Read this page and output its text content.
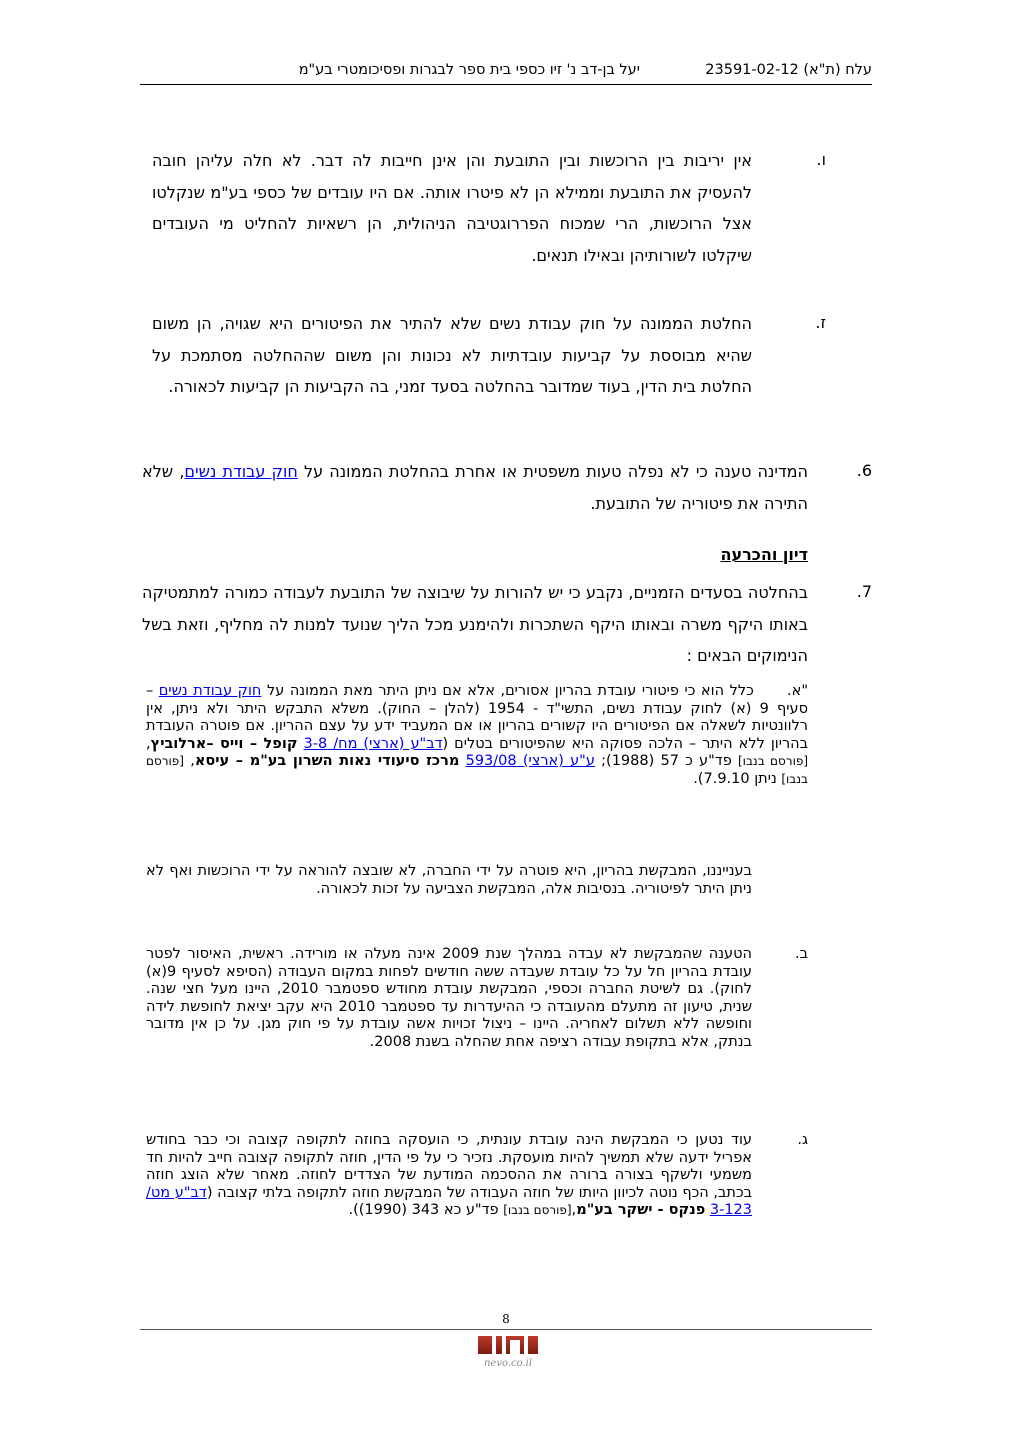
עלח (ת"א) 23591-02-12
יעל בן-דב נ' זיו כספי בית ספר לבגרות ופסיכומטרי בע"מ
ו.
אין יריבות בין הרוכשות ובין התובעת והן אינן חייבות לה דבר. לא חלה עליהן חובה להעסיק את התובעת וממילא הן לא פיטרו אותה. אם היו עובדים של כספי בע"מ שנקלטו אצל הרוכשות, הרי שמכוח הפררוגטיבה הניהולית, הן רשאיות להחליט מי העובדים שיקלטו לשורותיהן ובאילו תנאים.
ז.
החלטת הממונה על חוק עבודת נשים שלא להתיר את הפיטורים היא שגויה, הן משום שהיא מבוססת על קביעות עובדתיות לא נכונות והן משום שההחלטה מסתמכת על החלטת בית הדין, בעוד שמדובר בהחלטה בסעד זמני, בה הקביעות הן קביעות לכאורה.
6.
המדינה טענה כי לא נפלה טעות משפטית או אחרת בהחלטת הממונה על חוק עבודת נשים, שלא התירה את פיטוריה של התובעת.
דיון והכרעה
7.
בהחלטה בסעדים הזמניים, נקבע כי יש להורות על שיבוצה של התובעת לעבודה כמורה למתמטיקה באותו היקף משרה ובאותו היקף השתכרות ולהימנע מכל הליך שנועד למנות לה מחליף, וזאת בשל הנימוקים הבאים :
"א.      כלל הוא כי פיטורי עובדת בהריון אסורים, אלא אם ניתן היתר מאת הממונה על חוק עבודת נשים – סעיף 9 (א) לחוק עבודת נשים, התשי"ד - 1954 (להלן – החוק). משלא התבקש היתר ולא ניתן, אין רלוונטיות לשאלה אם הפיטורים היו קשורים בהריון או אם המעביד ידע על עצם ההריון. אם פוטרה העובדת בהריון ללא היתר – הלכה פסוקה היא שהפיטורים בטלים (דב"ע (ארצי) מח/ 3-8 קופל – וייס –ארלוביץ, [פורסם בנבו] פד"ע כ 57 (1988); ע"ע (ארצי) 593/08 מרכז סיעודי נאות השרון בע"מ – עיסא, [פורסם בנבו] ניתן 7.9.10).
בענייננו, המבקשת בהריון, היא פוטרה על ידי החברה, לא שובצה להוראה על ידי הרוכשות ואף לא ניתן היתר לפיטוריה. בנסיבות אלה, המבקשת הצביעה על זכות לכאורה.
ב.
הטענה שהמבקשת לא עבדה במהלך שנת 2009 אינה מעלה או מורידה. ראשית, האיסור לפטר עובדת בהריון חל על כל עובדת שעבדה ששה חודשים לפחות במקום העבודה (הסיפא לסעיף 9(א) לחוק). גם לשיטת החברה וכספי, המבקשת עובדת מחודש ספטמבר 2010, היינו מעל חצי שנה. שנית, טיעון זה מתעלם מהעובדה כי ההיעדרות עד ספטמבר 2010 היא עקב יציאת לחופשת לידה וחופשה ללא תשלום לאחריה. היינו – ניצול זכויות אשה עובדת על פי חוק מגן. על כן אין מדובר בנתק, אלא בתקופת עבודה רציפה אחת שהחלה בשנת 2008.
ג.
עוד נטען כי המבקשת הינה עובדת עונתית, כי הועסקה בחוזה לתקופה קצובה וכי כבר בחודש אפריל ידעה שלא תמשיך להיות מועסקת. נזכיר כי על פי הדין, חוזה לתקופה קצובה חייב להיות חד משמעי ולשקף בצורה ברורה את ההסכמה המודעת של הצדדים לחוזה. מאחר שלא הוצג חוזה בכתב, הכף נוטה לכיוון היותו של חוזה העבודה של המבקשת חוזה לתקופה בלתי קצובה (דב"ע מט/ 3-123 פנקס - ישקר בע"מ,[פורסם בנבו] פד"ע כא 343 (1990)).
8
nevo.co.il
